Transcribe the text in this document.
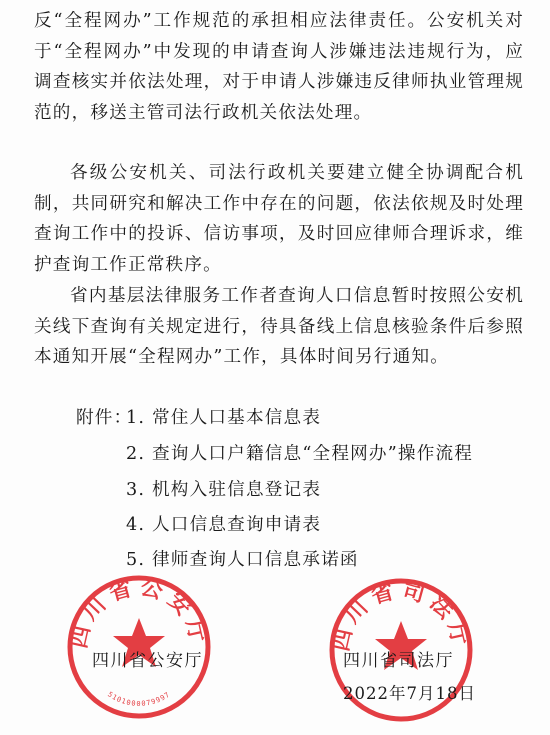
反“全程网办”工作规范的承担相应法律责任。公安机关对于“全程网办”中发现的申请查询人涉嫌违法违规行为，应调查核实并依法处理，对于申请人涉嫌违反律师执业管理规范的，移送主管司法行政机关依法处理。

各级公安机关、司法行政机关要建立健全协调配合机制，共同研究和解决工作中存在的问题，依法依规及时处理查询工作中的投诉、信访事项，及时回应律师合理诉求，维护查询工作正常秩序。

省内基层法律服务工作者查询人口信息暂时按照公安机关线下查询有关规定进行，待具备线上信息核验条件后参照本通知开展“全程网办”工作，具体时间另行通知。

附件：

1. 常住人口基本信息表

2. 查询人口户籍信息“全程网办”操作流程

3. 机构入驻信息登记表

4. 人口信息查询申请表

5. 律师查询人口信息承诺函

四川省公安厅
5101000079997
四川省司法厅

四川省公安厅	四川省司法厅

2022年7月18日
